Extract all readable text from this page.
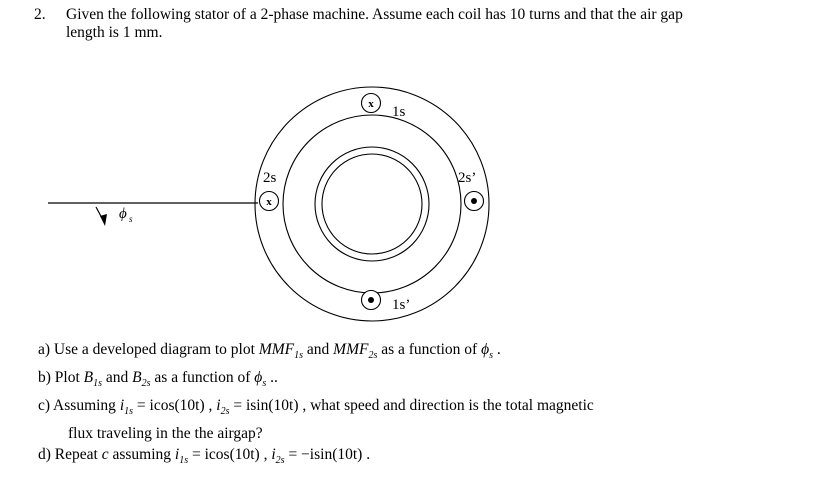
2. Given the following stator of a 2-phase machine. Assume each coil has 10 turns and that the air gap
length is 1 mm.
ϕ s
x 1s
1s’
x
2s	2s’
a) Use a developed diagram to plot $MMF_{1s}$ and $MMF_{2s}$ as a function of $\phi_s$ .
b) Plot $B_{1s}$ and $B_{2s}$ as a function of $\phi_s$ ..
c) Assuming $i_{1s} = icos(10t)$ , $i_{2s} = isin(10t)$ , what speed and direction is the total magnetic
flux traveling in the the airgap?
d) Repeat c assuming $i_{1s} = icos(10t)$ , $i_{2s} = -isin(10t)$ .
